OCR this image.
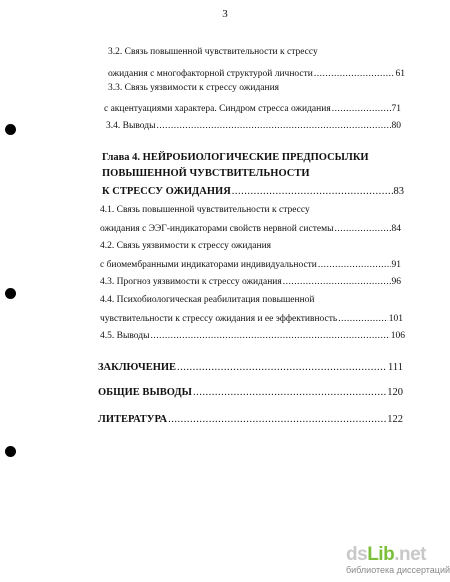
3
3.2. Связь повышенной чувствительности к стрессу
ожидания с многофакторной структурой личности .....	61
3.3. Связь уязвимости к стрессу ожидания
с акцентуациями характера. Синдром стресса ожидания .....	71
3.4. Выводы .....	80
Глава 4. НЕЙРОБИОЛОГИЧЕСКИЕ ПРЕДПОСЫЛКИ
ПОВЫШЕННОЙ ЧУВСТВИТЕЛЬНОСТИ
К СТРЕССУ ОЖИДАНИЯ .....	83
4.1. Связь повышенной чувствительности к стрессу
ожидания с ЭЭГ-индикаторами свойств нервной системы .....	84
4.2. Связь уязвимости к стрессу ожидания
с биомембранными индикаторами индивидуальности .....	91
4.3. Прогноз уязвимости к стрессу ожидания .....	96
4.4. Психобиологическая реабилитация повышенной
чувствительности к стрессу ожидания и ее эффективность .....	101
4.5. Выводы .....	106
ЗАКЛЮЧЕНИЕ .....	111
ОБЩИЕ ВЫВОДЫ .....	120
ЛИТЕРАТУРА .....	122
dsLib.net
библиотека диссертаций
